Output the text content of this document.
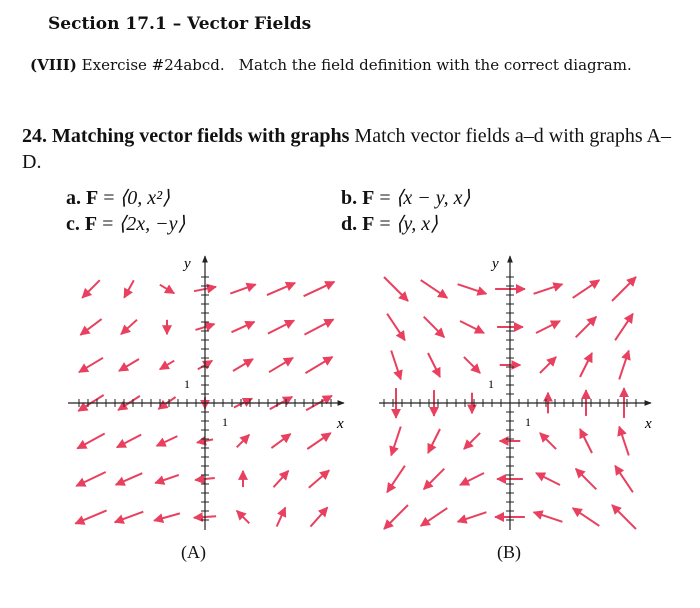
Section 17.1 – Vector Fields
(VIII) Exercise #24abcd. Match the field definition with the correct diagram.
24. Matching vector fields with graphs Match vector fields a–d with graphs A–D.
a. F = ⟨0, x²⟩	b. F = ⟨x − y, x⟩
c. F = ⟨2x, −y⟩	d. F = ⟨y, x⟩
x
y
1
1	x
y
1
1
(A)	(B)
